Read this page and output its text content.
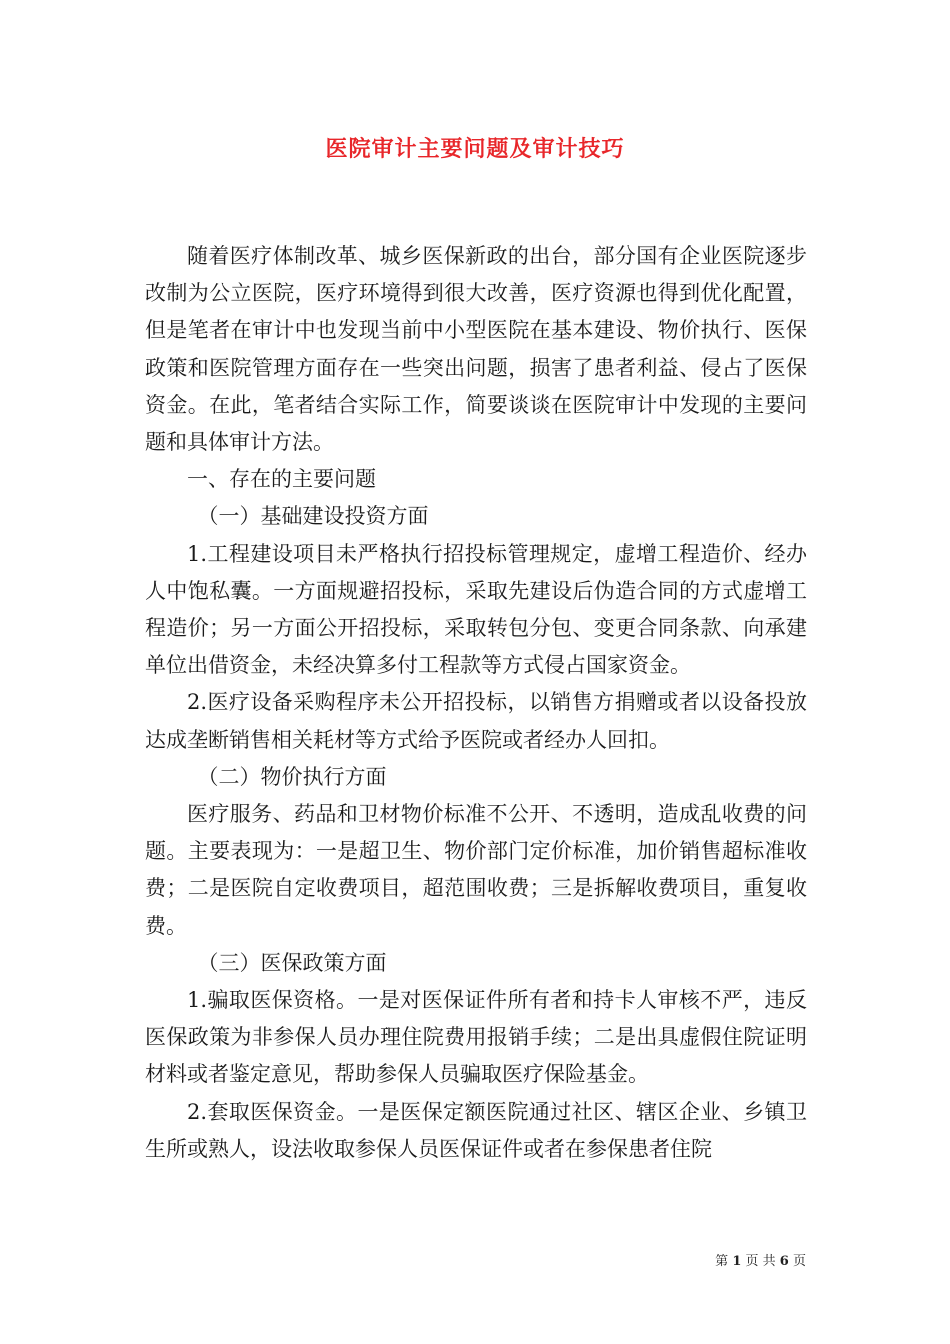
医院审计主要问题及审计技巧

随着医疗体制改革、城乡医保新政的出台，部分国有企业医院逐步改制为公立医院，医疗环境得到很大改善，医疗资源也得到优化配置，但是笔者在审计中也发现当前中小型医院在基本建设、物价执行、医保政策和医院管理方面存在一些突出问题，损害了患者利益、侵占了医保资金。在此，笔者结合实际工作，简要谈谈在医院审计中发现的主要问题和具体审计方法。

一、存在的主要问题

（一）基础建设投资方面

1.工程建设项目未严格执行招投标管理规定，虚增工程造价、经办人中饱私囊。一方面规避招投标，采取先建设后伪造合同的方式虚增工程造价；另一方面公开招投标，采取转包分包、变更合同条款、向承建单位出借资金，未经决算多付工程款等方式侵占国家资金。

2.医疗设备采购程序未公开招投标，以销售方捐赠或者以设备投放达成垄断销售相关耗材等方式给予医院或者经办人回扣。

（二）物价执行方面

医疗服务、药品和卫材物价标准不公开、不透明，造成乱收费的问题。主要表现为：一是超卫生、物价部门定价标准，加价销售超标准收费；二是医院自定收费项目，超范围收费；三是拆解收费项目，重复收费。

（三）医保政策方面

1.骗取医保资格。一是对医保证件所有者和持卡人审核不严，违反医保政策为非参保人员办理住院费用报销手续；二是出具虚假住院证明材料或者鉴定意见，帮助参保人员骗取医疗保险基金。

2.套取医保资金。一是医保定额医院通过社区、辖区企业、乡镇卫生所或熟人，设法收取参保人员医保证件或者在参保患者住院

第 1 页 共 6 页
